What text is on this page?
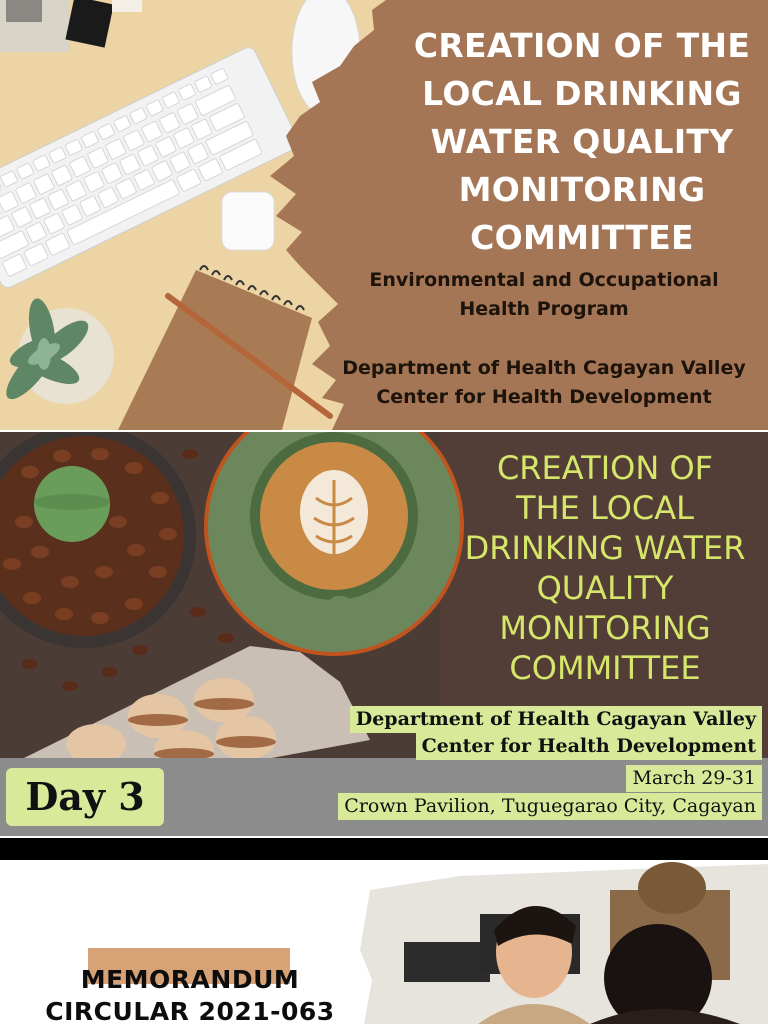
CREATION OF THE
LOCAL DRINKING
WATER QUALITY
MONITORING
COMMITTEE
Environmental and Occupational
Health Program
Department of Health Cagayan Valley
Center for Health Development
CREATION OF
THE LOCAL
DRINKING WATER
QUALITY
MONITORING
COMMITTEE
Department of Health Cagayan Valley
Center for Health Development
March 29-31
Crown Pavilion, Tuguegarao City, Cagayan
Day 3
MEMORANDUM
CIRCULAR 2021-063
